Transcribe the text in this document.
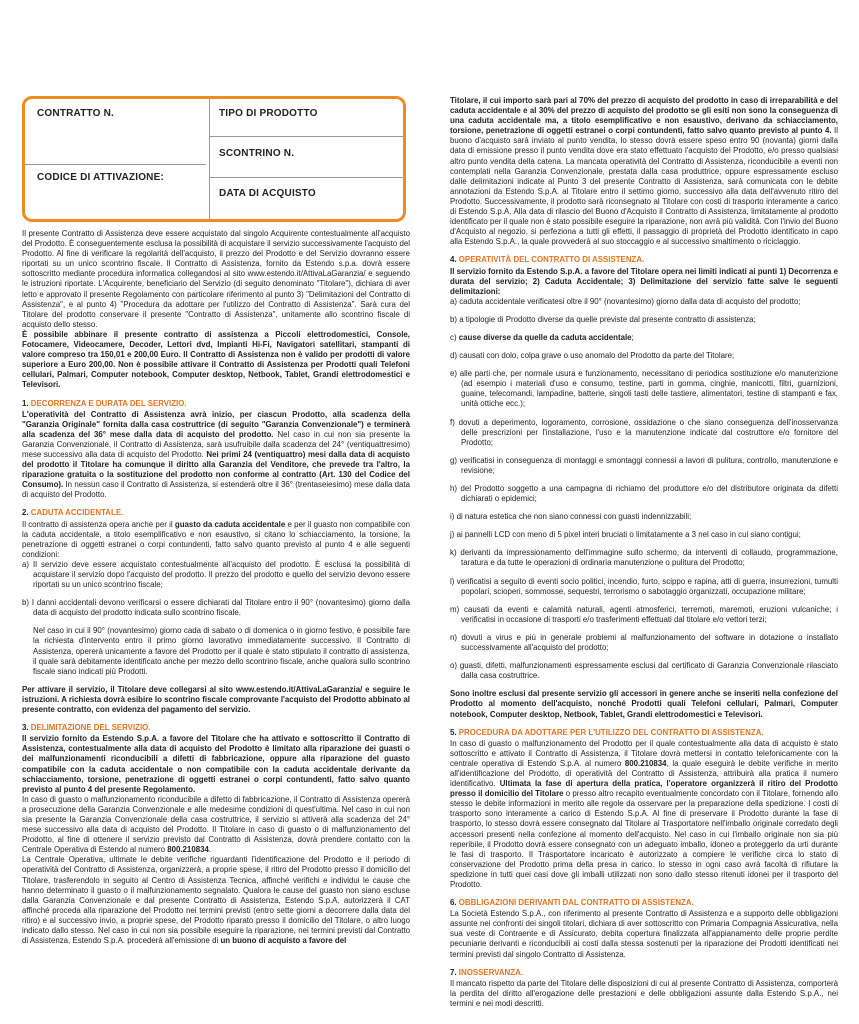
CONTRATTO N.	TIPO DI PRODOTTO
SCONTRINO N.
CODICE DI ATTIVAZIONE:
DATA DI ACQUISTO

Il presente Contratto di Assistenza deve essere acquistato dal singolo Acquirente contestualmente all'acquisto del Prodotto. È conseguentemente esclusa la possibilità di acquistare il servizio successivamente l'acquisto del Prodotto. Al fine di verificare la regolarità dell'acquisto, il prezzo del Prodotto e del Servizio dovranno essere riportati su un unico scontrino fiscale. Il Contratto di Assistenza, fornito da Estendo s.p.a. dovrà essere sottoscritto mediante procedura informatica collegandosi al sito www.estendo.it/AttivaLaGaranzia/ e seguendo le istruzioni riportate. L'Acquirente, beneficiario del Servizio (di seguito denominato "Titolare"), dichiara di aver letto e approvato il presente Regolamento con particolare riferimento al punto 3) "Delimitazioni del Contratto di Assistenza", e al punto 4) "Procedura da adottare per l'utilizzo del Contratto di Assistenza". Sarà cura del Titolare del prodotto conservare il presente "Contratto di Assistenza", unitamente allo scontrino fiscale di acquisto dello stesso.

È possibile abbinare il presente contratto di assistenza a Piccoli elettrodomestici, Console, Fotocamere, Videocamere, Decoder, Lettori dvd, Impianti Hi-Fi, Navigatori satellitari, stampanti di valore compreso tra 150,01 e 200,00 Euro. Il Contratto di Assistenza non è valido per prodotti di valore superiore a Euro 200,00. Non è possibile attivare il Contratto di Assistenza per Prodotti quali Telefoni cellulari, Palmari, Computer notebook, Computer desktop, Netbook, Tablet, Grandi elettrodomestici e Televisori.

1. DECORRENZA E DURATA DEL SERVIZIO.

L'operatività del Contratto di Assistenza avrà inizio, per ciascun Prodotto, alla scadenza della "Garanzia Originale" fornita dalla casa costruttrice (di seguito "Garanzia Convenzionale") e terminerà alla scadenza del 36° mese dalla data di acquisto del prodotto. Nel caso in cui non sia presente la Garanzia Convenzionale, il Contratto di Assistenza, sarà usufruibile dalla scadenza del 24° (ventiquattresimo) mese successivo alla data di acquisto del Prodotto. Nei primi 24 (ventiquattro) mesi dalla data di acquisto del prodotto il Titolare ha comunque il diritto alla Garanzia del Venditore, che prevede tra l'altro, la riparazione gratuita o la sostituzione del prodotto non conforme al contratto (Art. 130 del Codice del Consumo). In nessun caso il Contratto di Assistenza, si estenderà oltre il 36° (trentaseiesimo) mese dalla data di acquisto del Prodotto.

2. CADUTA ACCIDENTALE.

Il contratto di assistenza opera anche per il guasto da caduta accidentale e per il guasto non compatibile con la caduta accidentale, a titolo esemplificativo e non esaustivo, si citano lo schiacciamento, la torsione, la penetrazione di oggetti estranei o corpi contundenti, fatto salvo quanto previsto al punto 4 e alle seguenti condizioni:

a) Il servizio deve essere acquistato contestualmente all'acquisto del prodotto. È esclusa la possibilità di acquistare il servizio dopo l'acquisto del prodotto. Il prezzo del prodotto e quello del servizio devono essere riportati su un unico scontrino fiscale;

b) I danni accidentali devono verificarsi o essere dichiarati dal Titolare entro il 90° (novantesimo) giorno dalla data di acquisto del prodotto indicata sullo scontrino fiscale.

Nel caso in cui il 90° (novantesimo) giorno cada di sabato o di domenica o in giorno festivo, è possibile fare la richiesta d'intervento entro il primo giorno lavorativo immediatamente successivo. Il Contratto di Assistenza, opererà unicamente a favore del Prodotto per il quale è stato stipulato il contratto di assistenza, il quale sarà debitamente identificato anche per mezzo dello scontrino fiscale, anche qualora sullo scontrino fiscale siano indicati più Prodotti.

Per attivare il servizio, il Titolare deve collegarsi al sito www.estendo.it/AttivaLaGaranzia/ e seguire le istruzioni. A richiesta dovrà esibire lo scontrino fiscale comprovante l'acquisto del Prodotto abbinato al presente contratto, con evidenza del pagamento del servizio.

3. DELIMITAZIONE DEL SERVIZIO.

Il servizio fornito da Estendo S.p.A. a favore del Titolare che ha attivato e sottoscritto il Contratto di Assistenza, contestualmente alla data di acquisto del Prodotto è limitato alla riparazione dei guasti o dei malfunzionamenti riconducibili a difetti di fabbricazione, oppure alla riparazione del guasto compatibile con la caduta accidentale o non compatibile con la caduta accidentale derivante da schiacciamento, torsione, penetrazione di oggetti estranei o corpi contundenti, fatto salvo quanto previsto al punto 4 del presente Regolamento.

In caso di guasto o malfunzionamento riconducibile a difetto di fabbricazione, il Contratto di Assistenza opererà a prosecuzione della Garanzia Convenzionale e alle medesime condizioni di quest'ultima. Nel caso in cui non sia presente la Garanzia Convenzionale della casa costruttrice, il servizio si attiverà alla scadenza del 24° mese successivo alla data di acquisto del Prodotto. Il Titolare in caso di guasto o di malfunzionamento del Prodotto, al fine di ottenere il servizio previsto dal Contratto di Assistenza, dovrà prendere contatto con la Centrale Operativa di Estendo al numero 800.210834.

La Centrale Operativa, ultimate le debite verifiche riguardanti l'identificazione del Prodotto e il periodo di operatività del Contratto di Assistenza, organizzerà, a proprie spese, il ritiro del Prodotto presso il domicilio del Titolare, trasferendolo in seguito al Centro di Assistenza Tecnica, affinché verifichi e individui le cause che hanno determinato il guasto o il malfunzionamento segnalato. Qualora le cause del guasto non siano escluse dalla Garanzia Convenzionale e dal presente Contratto di Assistenza, Estendo S.p.A. autorizzerà il CAT affinché proceda alla riparazione del Prodotto nei termini previsti (entro sette giorni a decorrere dalla data del ritiro) e al successivo invio, a proprie spese, del Prodotto riparato presso il domicilio del Titolare, o altro luogo indicato dallo stesso. Nel caso in cui non sia possibile eseguire la riparazione, nei termini previsti dal Contratto di Assistenza, Estendo S.p.A. procederà all'emissione di un buono di acquisto a favore del

Titolare, il cui importo sarà pari al 70% del prezzo di acquisto del prodotto in caso di irreparabilità e del caduta accidentale e al 30% del prezzo di acquisto del prodotto se gli esiti non sono la conseguenza di una caduta accidentale ma, a titolo esemplificativo e non esaustivo, derivano da schiacciamento, torsione, penetrazione di oggetti estranei o corpi contundenti, fatto salvo quanto previsto al punto 4. Il buono d'acquisto sarà inviato al punto vendita, lo stesso dovrà essere speso entro 90 (novanta) giorni dalla data di emissione presso il punto vendita dove era stato effettuato l'acquisto del Prodotto, e/o presso qualsiasi altro punto vendita della catena. La mancata operatività del Contratto di Assistenza, riconducibile a eventi non contemplati nella Garanzia Convenzionale, prestata dalla casa produttrice, oppure espressamente escluso dalle delimitazioni indicate al Punto 3 del presente Contratto di Assistenza, sarà comunicata con le debite annotazioni da Estendo S.p.A. al Titolare entro il settimo giorno, successivo alla data dell'avvenuto ritiro del Prodotto. Successivamente, il prodotto sarà riconsegnato al Titolare con costi di trasporto interamente a carico di Estendo S.p.A. Alla data di rilascio del Buono d'Acquisto il Contratto di Assistenza, limitatamente al prodotto identificato per il quale non è stato possibile eseguire la riparazione, non avrà più validità. Con l'invio del Buono d'Acquisto al negozio, si perfeziona a tutti gli effetti, il passaggio di proprietà del Prodotto identificato in capo alla Estendo S.p.A., la quale provvederà al suo stoccaggio e al successivo smaltimento o riciclaggio.

4. OPERATIVITÀ DEL CONTRATTO DI ASSISTENZA.

Il servizio fornito da Estendo S.p.A. a favore del Titolare opera nei limiti indicati ai punti 1) Decorrenza e durata del servizio; 2) Caduta Accidentale; 3) Delimitazione del servizio fatte salve le seguenti delimitazioni:

a) caduta accidentale verificatesi oltre il 90° (novantesimo) giorno dalla data di acquisto del prodotto;

b) a tipologie di Prodotto diverse da quelle previste dal presente contratto di assistenza;

c) cause diverse da quelle da caduta accidentale;

d) causati con dolo, colpa grave o uso anomalo del Prodotto da parte del Titolare;

e) alle parti che, per normale usura e funzionamento, necessitano di periodica sostituzione e/o manutenzione (ad esempio i materiali d'uso e consumo, testine, parti in gomma, cinghie, manicotti, filtri, guarnizioni, guaine, telecomandi, lampadine, batterie, singoli tasti delle tastiere, alimentatori, testine di stampanti e fax, unità ottiche ecc.);

f) dovuti a deperimento, logoramento, corrosione, ossidazione o che siano conseguenza dell'inosservanza delle prescrizioni per l'installazione, l'uso e la manutenzione indicate dal costruttore e/o fornitore del Prodotto;

g) verificatisi in conseguenza di montaggi e smontaggi connessi a lavori di pulitura, controllo, manutenzione e revisione;

h) del Prodotto soggetto a una campagna di richiamo del produttore e/o del distributore originata da difetti dichiarati o epidemici;

i) di natura estetica che non siano connessi con guasti indennizzabili;

j) ai pannelli LCD con meno di 5 pixel interi bruciati o limitatamente a 3 nel caso in cui siano contigui;

k) derivanti da impressionamento dell'immagine sullo schermo, da interventi di collaudo, programmazione, taratura e da tutte le operazioni di ordinaria manutenzione o pulitura del Prodotto;

l) verificatisi a seguito di eventi socio politici, incendio, furto, scippo e rapina, atti di guerra, insurrezioni, tumulti popolari, scioperi, sommosse, sequestri, terrorismo o sabotaggio organizzati, occupazione militare;

m) causati da eventi e calamità naturali, agenti atmosferici, terremoti, maremoti, eruzioni vulcaniche; i verificatisi in occasione di trasporti e/o trasferimenti effettuati dal titolare e/o vettori terzi;

n) dovuti a virus e più in generale problemi al malfunzionamento del software in dotazione o installato successivamente all'acquisto del prodotto;

o) guasti, difetti, malfunzionamenti espressamente esclusi dal certificato di Garanzia Convenzionale rilasciato dalla casa costruttrice.

Sono inoltre esclusi dal presente servizio gli accessori in genere anche se inseriti nella confezione del Prodotto al momento dell'acquisto, nonché Prodotti quali Telefoni cellulari, Palmari, Computer notebook, Computer desktop, Netbook, Tablet, Grandi elettrodomestici e Televisori.

5. PROCEDURA DA ADOTTARE PER L'UTILIZZO DEL CONTRATTO DI ASSISTENZA.

In caso di guasto o malfunzionamento del Prodotto per il quale contestualmente alla data di acquisto è stato sottoscritto e attivato il Contratto di Assistenza, il Titolare dovrà mettersi in contatto telefonicamente con la centrale operativa di Estendo S.p.A. al numero 800.210834, la quale eseguirà le debite verifiche in merito all'identificazione del Prodotto, di operatività del Contratto di Assistenza, attribuirà alla pratica il numero identificativo. Ultimata la fase di apertura della pratica, l'operatore organizzerà il ritiro del Prodotto presso il domicilio del Titolare o presso altro recapito eventualmente concordato con il Titolare, fornendo allo stesso le debite informazioni in merito alle regole da osservare per la preparazione della spedizione. I costi di trasporto sono interamente a carico di Estendo S.p.A. Al fine di preservare il Prodotto durante la fase di trasporto, lo stesso dovrà essere consegnato dal Titolare al Trasportatore nell'imballo originale corredato degli accessori presenti nella confezione al momento dell'acquisto. Nel caso in cui l'imballo originale non sia più reperibile, il Prodotto dovrà essere consegnato con un adeguato imballo, idoneo a proteggerlo da urti durante le fasi di trasporto. Il Trasportatore incaricato è autorizzato a compiere le verifiche circa lo stato di conservazione del Prodotto prima della presa in carico. Io stesso in ogni caso avrà facoltà di rifiutare la spedizione in tutti quei casi dove gli imballi utilizzati non sono dallo stesso ritenuti idonei per il trasporto del Prodotto.

6. OBBLIGAZIONI DERIVANTI DAL CONTRATTO DI ASSISTENZA.

La Società Estendo S.p.A., con riferimento al presente Contratto di Assistenza e a supporto delle obbligazioni assunte nei confronti dei singoli titolari, dichiara di aver sottoscritto con Primaria Compagnia Assicurativa, nella sua veste di Contraente e di Assicurato, debita copertura finalizzata all'appianamento delle proprie perdite pecuniarie derivanti e riconducibili ai costi dalla stessa sostenuti per la riparazione dei Prodotti identificati nei termini previsti dal singolo Contratto di Assistenza.

7. INOSSERVANZA.

Il mancato rispetto da parte del Titolare delle disposizioni di cui al presente Contratto di Assistenza, comporterà la perdita del diritto all'erogazione delle prestazioni e delle obbligazioni assunte dalla Estendo S.p.A., nei termini e nei modi descritti.
